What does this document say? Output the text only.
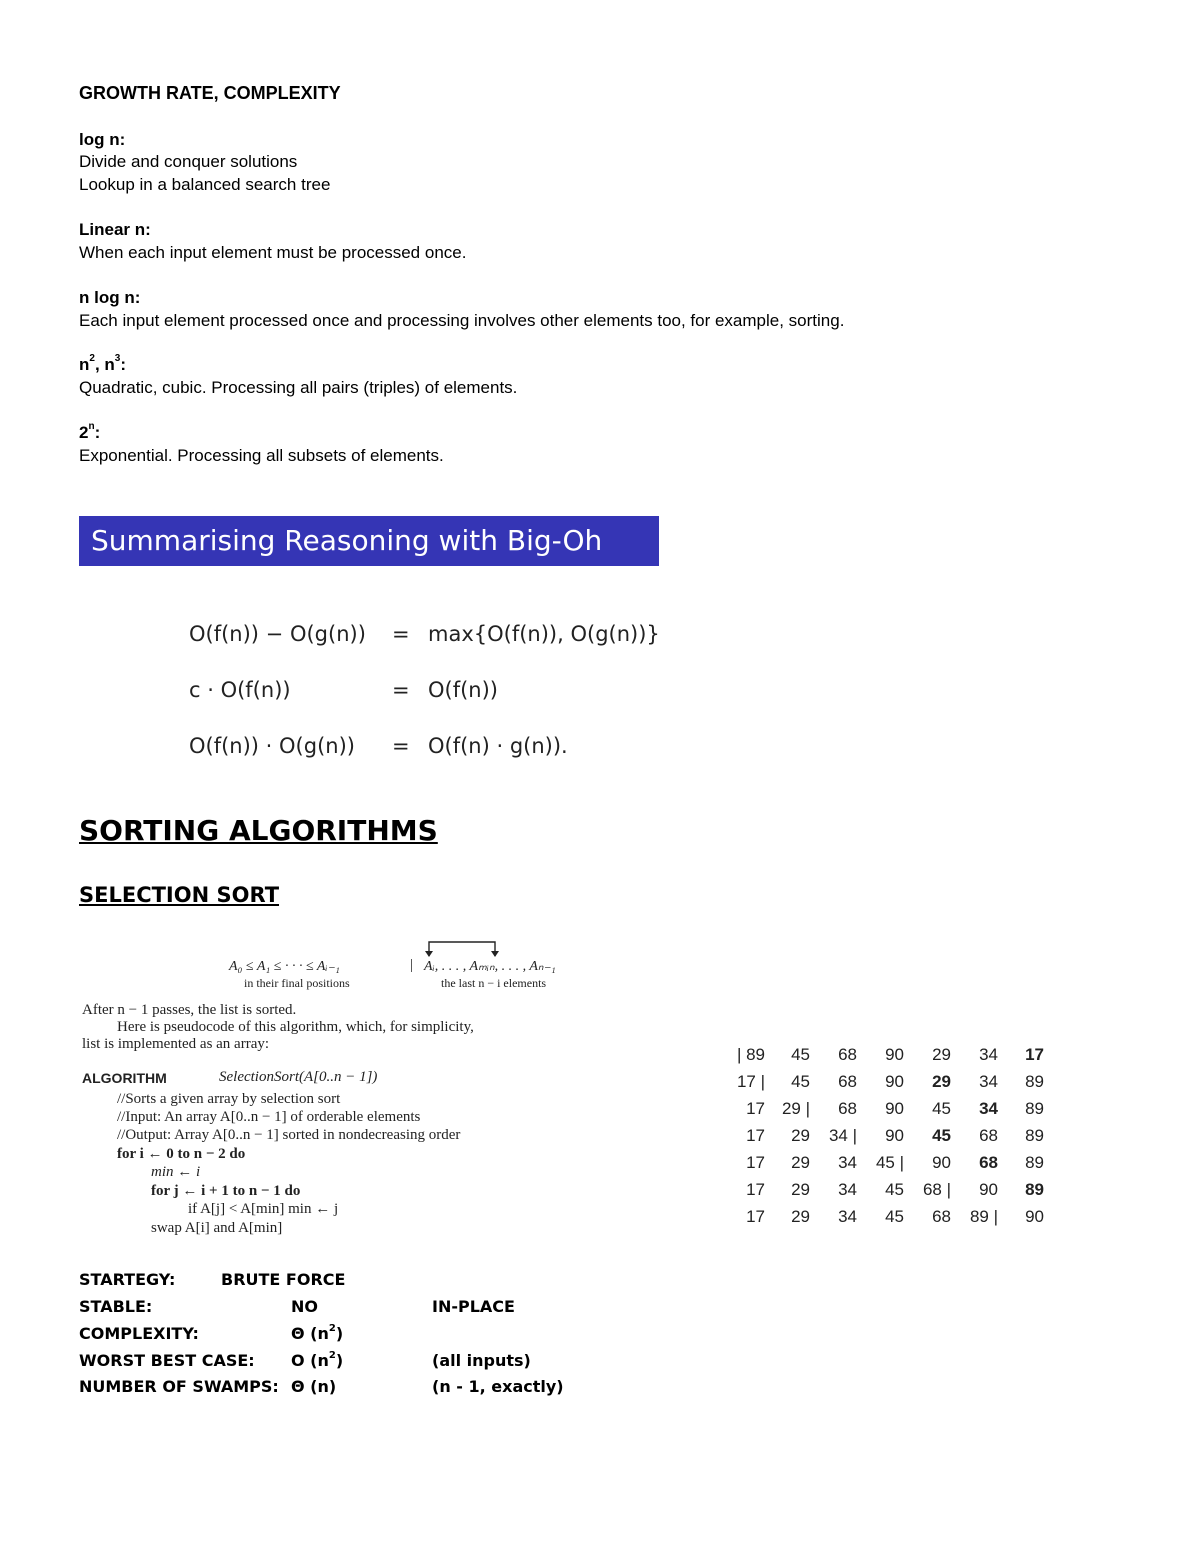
GROWTH RATE, COMPLEXITY
log n:
Divide and conquer solutions
Lookup in a balanced search tree
Linear n:
When each input element must be processed once.
n log n:
Each input element processed once and processing involves other elements too, for example, sorting.
$n^2$, $n^3$:
Quadratic, cubic. Processing all pairs (triples) of elements.
2$^n$:
Exponential. Processing all subsets of elements.
Summarising Reasoning with Big-Oh
O(f(n)) − O(g(n)) = max{O(f(n)), O(g(n))}
c · O(f(n))	= O(f(n))
O(f(n)) · O(g(n)) = O(f(n) · g(n)).
SORTING ALGORITHMS
SELECTION SORT
A₀ ≤ A₁ ≤ · · · ≤ Aᵢ₋₁	| Aᵢ, . . . , Aₘᵢₙ, . . . , Aₙ₋₁
in their final positions	the last n − i elements
After n − 1 passes, the list is sorted.
Here is pseudocode of this algorithm, which, for simplicity,
list is implemented as an array:
ALGORITHM	SelectionSort(A[0..n − 1])
//Sorts a given array by selection sort
//Input: An array A[0..n − 1] of orderable elements
//Output: Array A[0..n − 1] sorted in nondecreasing order
for i ← 0 to n − 2 do
min ← i
for j ← i + 1 to n − 1 do
if A[j] < A[min] min ← j
swap A[i] and A[min]
| 89 45 68 90 29 34 17
17 | 45 68 90 29 34 89
17 29 | 68 90 45 34 89
17 29 34 | 90 45 68 89
17 29 34 45 | 90 68 89
17 29 34 45 68 | 90 89
17 29 34 45 68 89 | 90
STARTEGY:	BRUTE FORCE
STABLE:	NO	IN-PLACE
COMPLEXITY:	Θ $(n^2)$
WORST BEST CASE: O $(n^2)$	(all inputs)
NUMBER OF SWAMPS: Θ (n)	(n - 1, exactly)
